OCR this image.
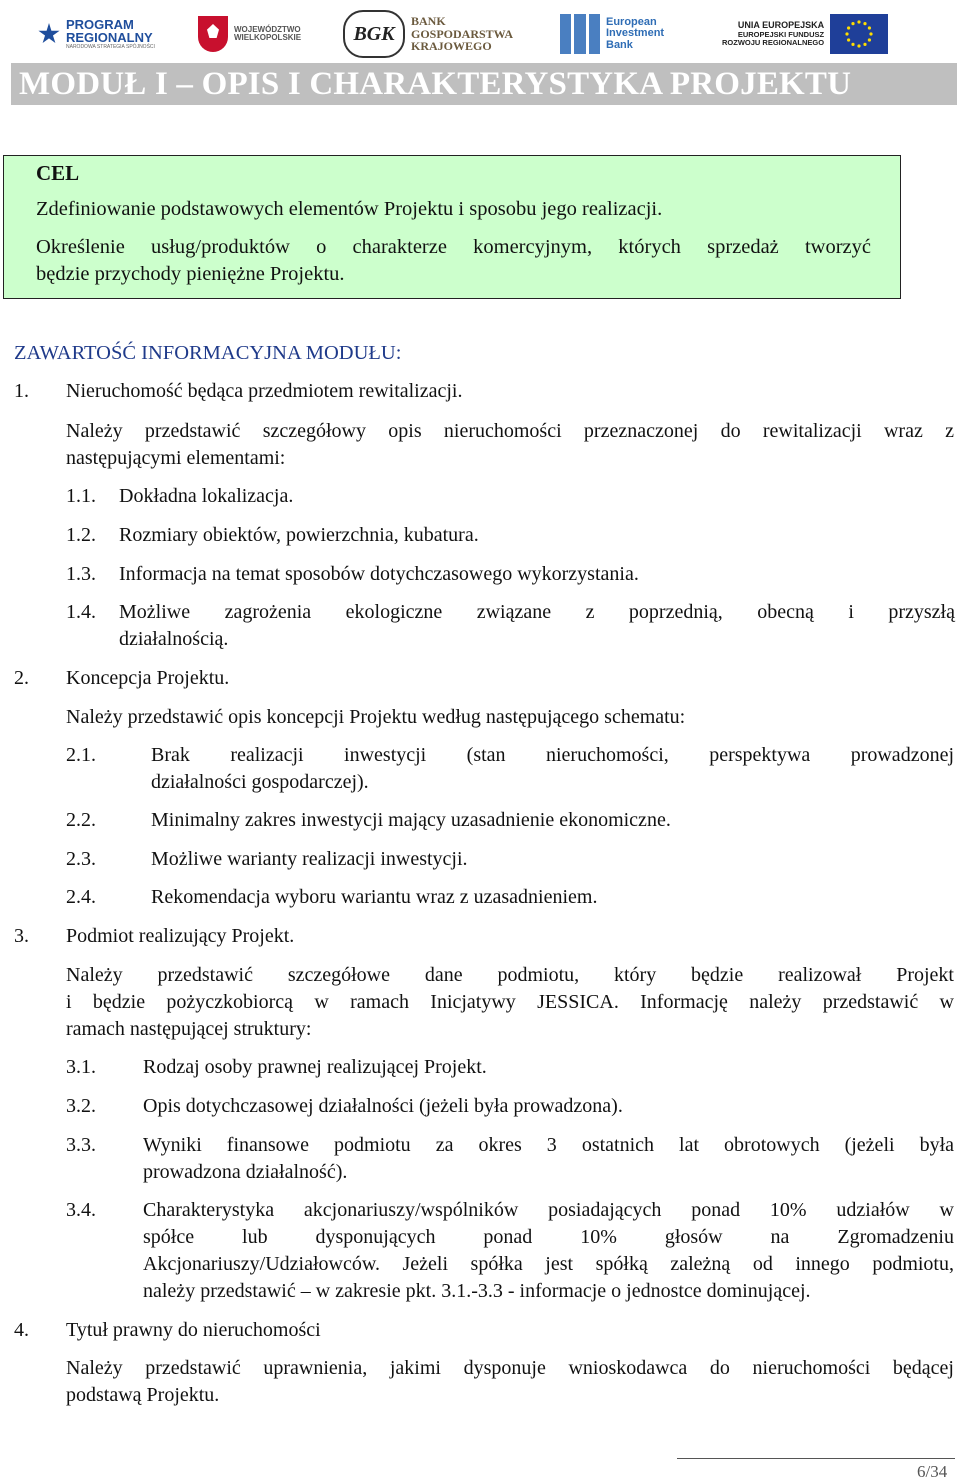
PROGRAM
REGIONALNY
NARODOWA STRATEGIA SPÓJNOŚCI
WOJEWÓDZTWO
WIELKOPOLSKIE	BGK
BANK
GOSPODARSTWA
KRAJOWEGO
European
Investment
Bank
UNIA EUROPEJSKA
EUROPEJSKI FUNDUSZ
ROZWOJU REGIONALNEGO
MODUŁ I – OPIS I CHARAKTERYSTYKA PROJEKTU
CEL
Zdefiniowanie podstawowych elementów Projektu i sposobu jego realizacji.
Określenie usług/produktów o charakterze komercyjnym, których sprzedaż tworzyć
będzie przychody pieniężne Projektu.
ZAWARTOŚĆ INFORMACYJNA MODUŁU:
1. Nieruchomość będąca przedmiotem rewitalizacji.
Należy przedstawić szczegółowy opis nieruchomości przeznaczonej do rewitalizacji wraz z
następującymi elementami:
1.1. Dokładna lokalizacja.
1.2. Rozmiary obiektów, powierzchnia, kubatura.
1.3. Informacja na temat sposobów dotychczasowego wykorzystania.
1.4. Możliwe zagrożenia ekologiczne związane z poprzednią, obecną i przyszłą
działalnością.
2. Koncepcja Projektu.
Należy przedstawić opis koncepcji Projektu według następującego schematu:
2.1.	Brak realizacji inwestycji (stan nieruchomości, perspektywa prowadzonej
działalności gospodarczej).
2.2.	Minimalny zakres inwestycji mający uzasadnienie ekonomiczne.
2.3.	Możliwe warianty realizacji inwestycji.
2.4.	Rekomendacja wyboru wariantu wraz z uzasadnieniem.
3. Podmiot realizujący Projekt.
Należy przedstawić szczegółowe dane podmiotu, który będzie realizował Projekt
i będzie pożyczkobiorcą w ramach Inicjatywy JESSICA. Informację należy przedstawić w
ramach następującej struktury:
3.1. Rodzaj osoby prawnej realizującej Projekt.
3.2. Opis dotychczasowej działalności (jeżeli była prowadzona).
3.3. Wyniki finansowe podmiotu za okres 3 ostatnich lat obrotowych (jeżeli była
prowadzona działalność).
3.4. Charakterystyka akcjonariuszy/wspólników posiadających ponad 10% udziałów w
spółce lub dysponujących ponad 10% głosów na Zgromadzeniu
Akcjonariuszy/Udziałowców. Jeżeli spółka jest spółką zależną od innego podmiotu,
należy przedstawić – w zakresie pkt. 3.1.-3.3 - informacje o jednostce dominującej.
4. Tytuł prawny do nieruchomości
Należy przedstawić uprawnienia, jakimi dysponuje wnioskodawca do nieruchomości będącej
podstawą Projektu.
6/34
